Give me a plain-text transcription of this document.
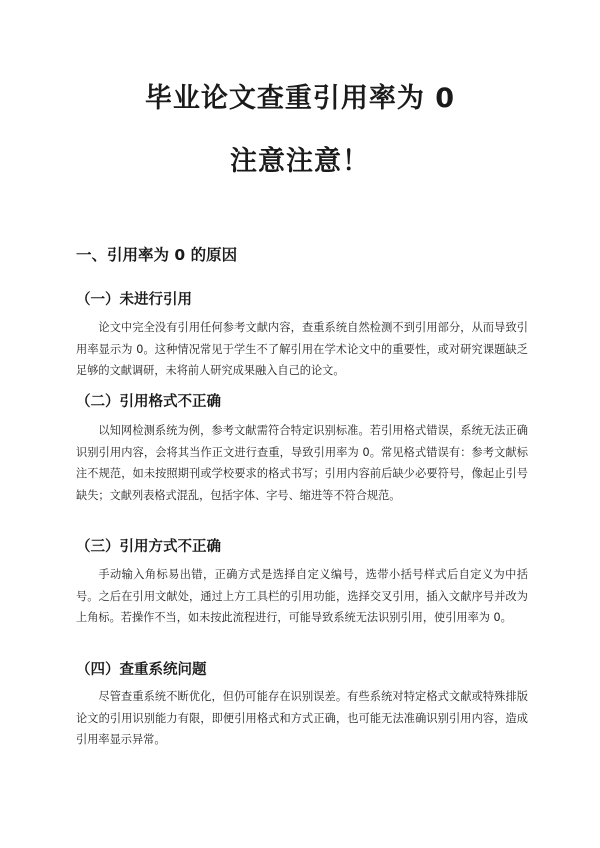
毕业论文查重引用率为 0
注意注意！
一、引用率为 0 的原因
（一）未进行引用

论文中完全没有引用任何参考文献内容，查重系统自然检测不到引用部分，从而导致引用率显示为 0。这种情况常见于学生不了解引用在学术论文中的重要性，或对研究课题缺乏足够的文献调研，未将前人研究成果融入自己的论文。

（二）引用格式不正确

以知网检测系统为例，参考文献需符合特定识别标准。若引用格式错误，系统无法正确识别引用内容，会将其当作正文进行查重，导致引用率为 0。常见格式错误有：参考文献标注不规范，如未按照期刊或学校要求的格式书写；引用内容前后缺少必要符号，像起止引号缺失；文献列表格式混乱，包括字体、字号、缩进等不符合规范。

（三）引用方式不正确

手动输入角标易出错，正确方式是选择自定义编号，选带小括号样式后自定义为中括号。之后在引用文献处，通过上方工具栏的引用功能，选择交叉引用，插入文献序号并改为上角标。若操作不当，如未按此流程进行，可能导致系统无法识别引用，使引用率为 0。

（四）查重系统问题

尽管查重系统不断优化，但仍可能存在识别误差。有些系统对特定格式文献或特殊排版论文的引用识别能力有限，即便引用格式和方式正确，也可能无法准确识别引用内容，造成引用率显示异常。
